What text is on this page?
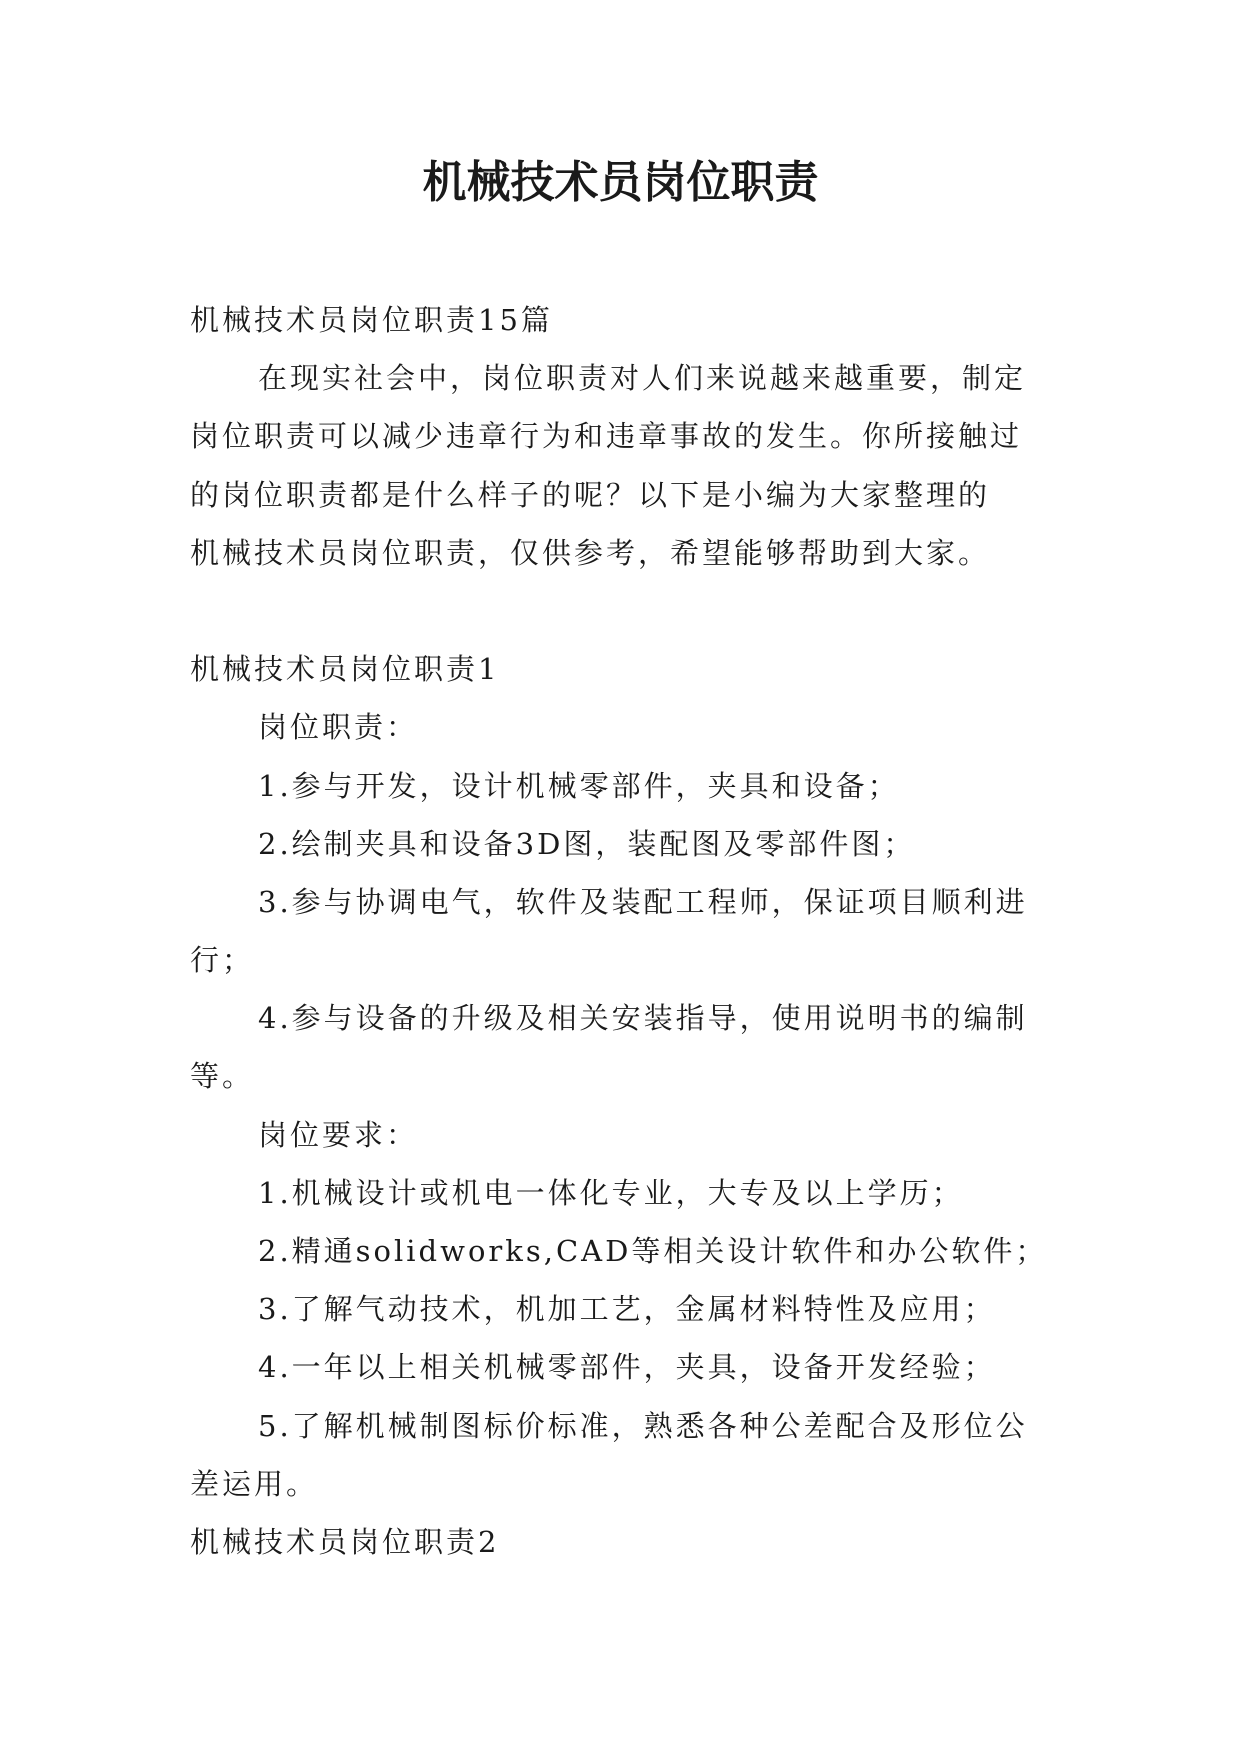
机械技术员岗位职责
机械技术员岗位职责15篇
在现实社会中，岗位职责对人们来说越来越重要，制定
岗位职责可以减少违章行为和违章事故的发生。你所接触过
的岗位职责都是什么样子的呢？以下是小编为大家整理的
机械技术员岗位职责，仅供参考，希望能够帮助到大家。
机械技术员岗位职责1
岗位职责：
1.参与开发，设计机械零部件，夹具和设备；
2.绘制夹具和设备3D图，装配图及零部件图；
3.参与协调电气，软件及装配工程师，保证项目顺利进
行；
4.参与设备的升级及相关安装指导，使用说明书的编制
等。
岗位要求：
1.机械设计或机电一体化专业，大专及以上学历；
2.精通solidworks,CAD等相关设计软件和办公软件；
3.了解气动技术，机加工艺，金属材料特性及应用；
4.一年以上相关机械零部件，夹具，设备开发经验；
5.了解机械制图标价标准，熟悉各种公差配合及形位公
差运用。
机械技术员岗位职责2
